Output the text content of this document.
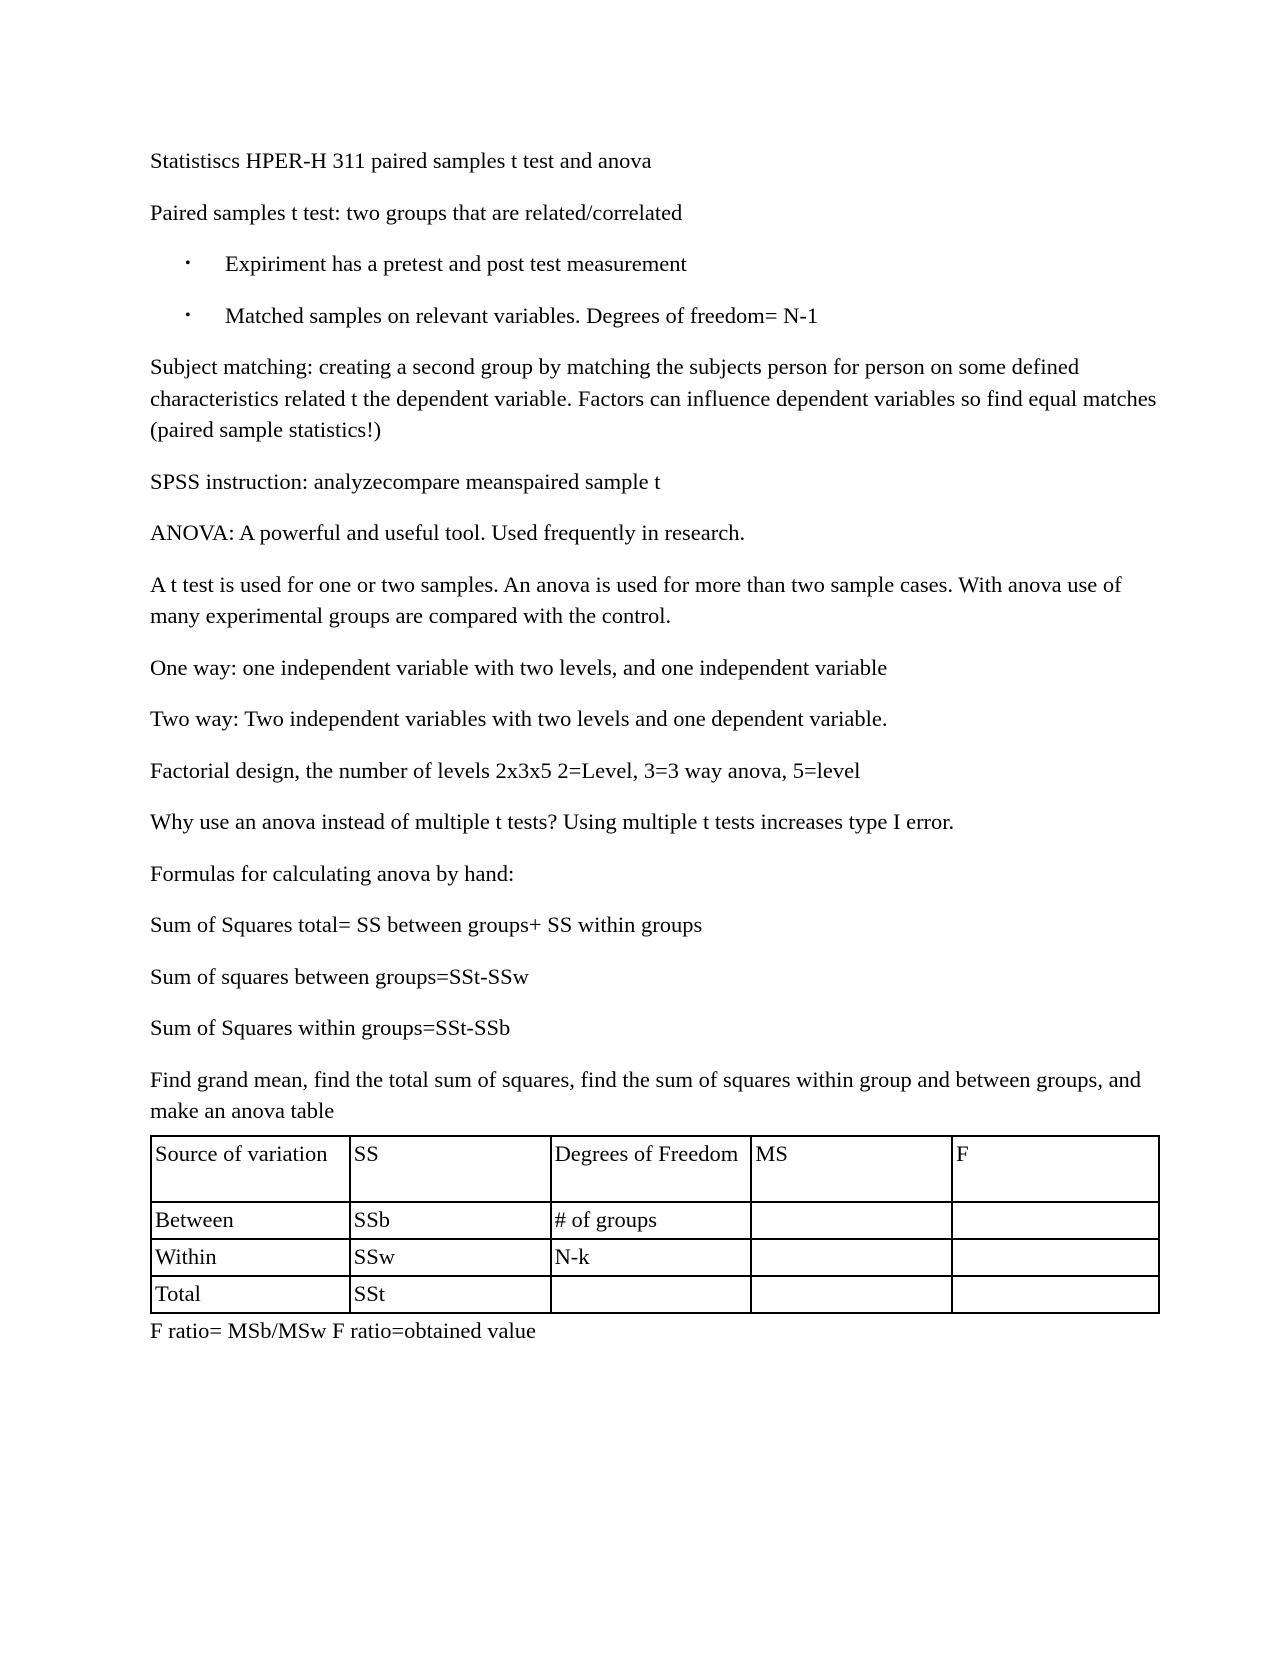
Statistiscs HPER-H 311 paired samples t test and anova

Paired samples t test: two groups that are related/correlated

• Expiriment has a pretest and post test measurement
• Matched samples on relevant variables. Degrees of freedom= N-1

Subject matching: creating a second group by matching the subjects person for person on some defined characteristics related t the dependent variable. Factors can influence dependent variables so find equal matches (paired sample statistics!)

SPSS instruction: analyzecompare meanspaired sample t

ANOVA: A powerful and useful tool. Used frequently in research.

A t test is used for one or two samples. An anova is used for more than two sample cases. With anova use of many experimental groups are compared with the control.

One way: one independent variable with two levels, and one independent variable

Two way: Two independent variables with two levels and one dependent variable.

Factorial design, the number of levels 2x3x5 2=Level, 3=3 way anova, 5=level

Why use an anova instead of multiple t tests? Using multiple t tests increases type I error.

Formulas for calculating anova by hand:

Sum of Squares total= SS between groups+ SS within groups

Sum of squares between groups=SSt-SSw

Sum of Squares within groups=SSt-SSb

Find grand mean, find the total sum of squares, find the sum of squares within group and between groups, and make an anova table

Source of variation	SS	Degrees of Freedom	MS	F
Between	SSb	# of groups		
Within	SSw	N-k		
Total	SSt			

F ratio= MSb/MSw F ratio=obtained value
